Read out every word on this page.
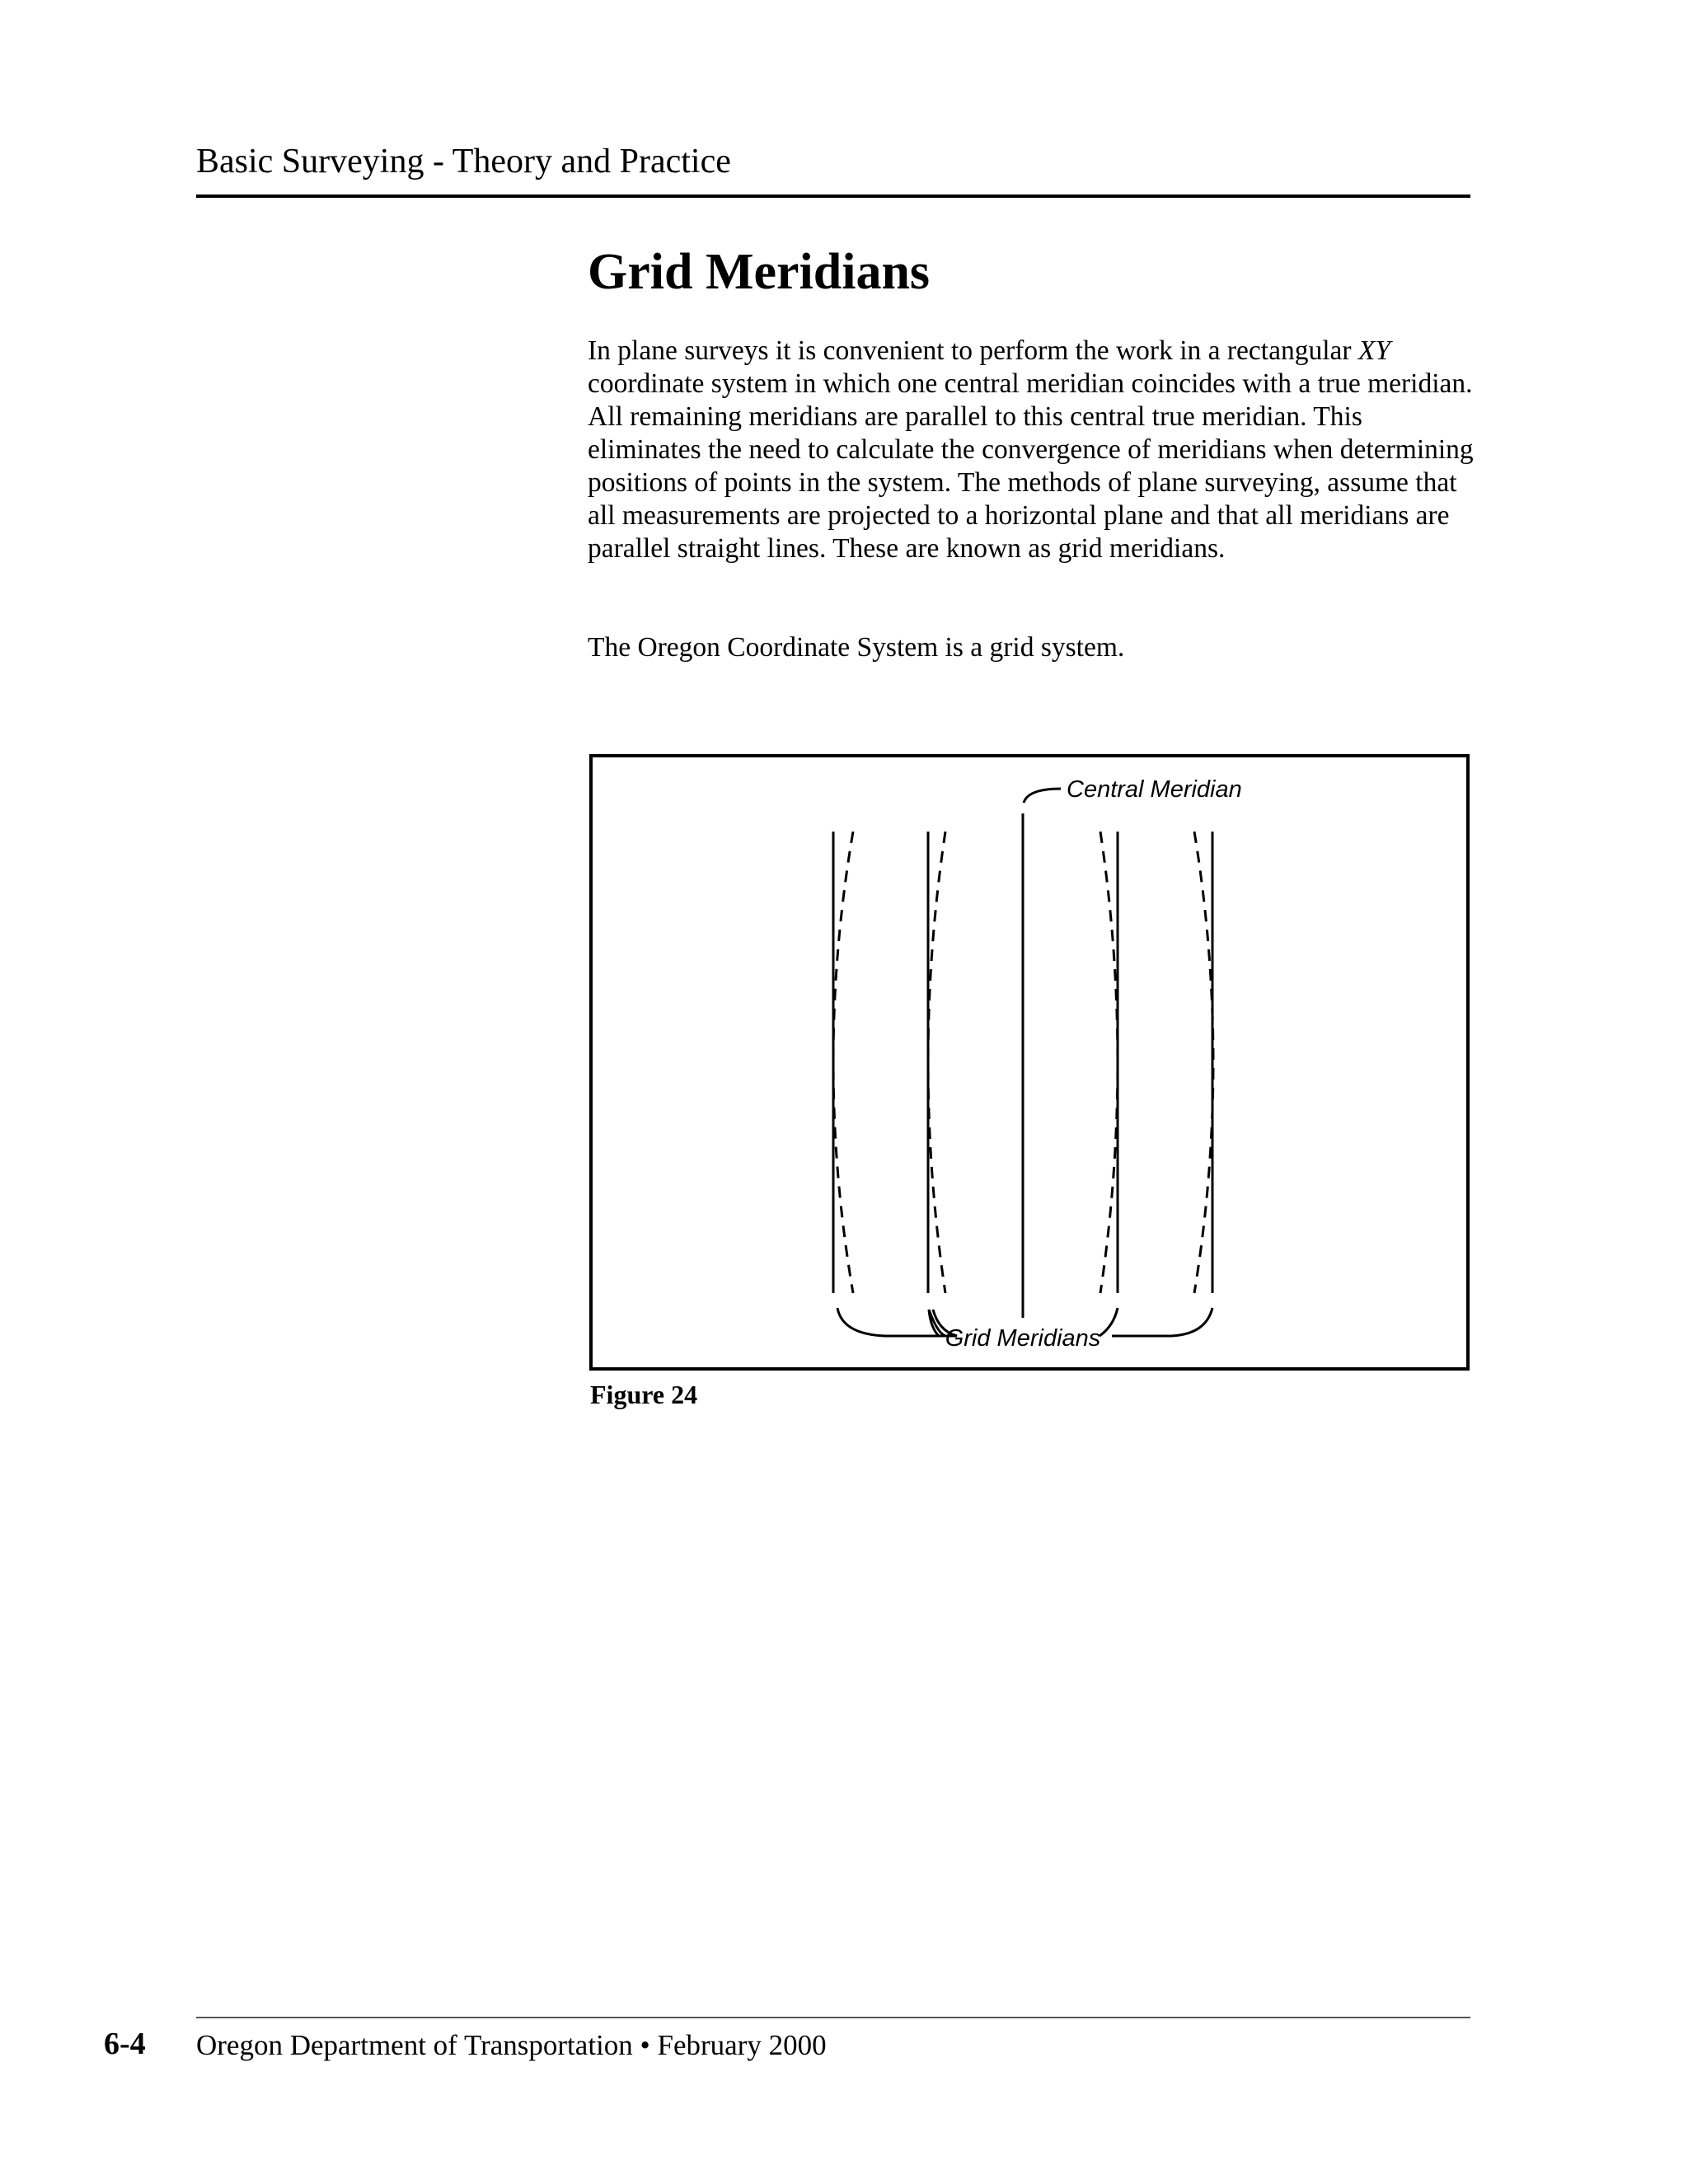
Basic Surveying - Theory and Practice
Grid Meridians

In plane surveys it is convenient to perform the work in a rectangular XY coordinate system in which one central meridian coincides with a true meridian. All remaining meridians are parallel to this central true meridian. This eliminates the need to calculate the convergence of meridians when determining positions of points in the system. The methods of plane surveying, assume that all measurements are projected to a horizontal plane and that all meridians are parallel straight lines. These are known as grid meridians.

The Oregon Coordinate System is a grid system.

Central Meridian
Grid Meridians
Figure 24
6-4 Oregon Department of Transportation • February 2000
